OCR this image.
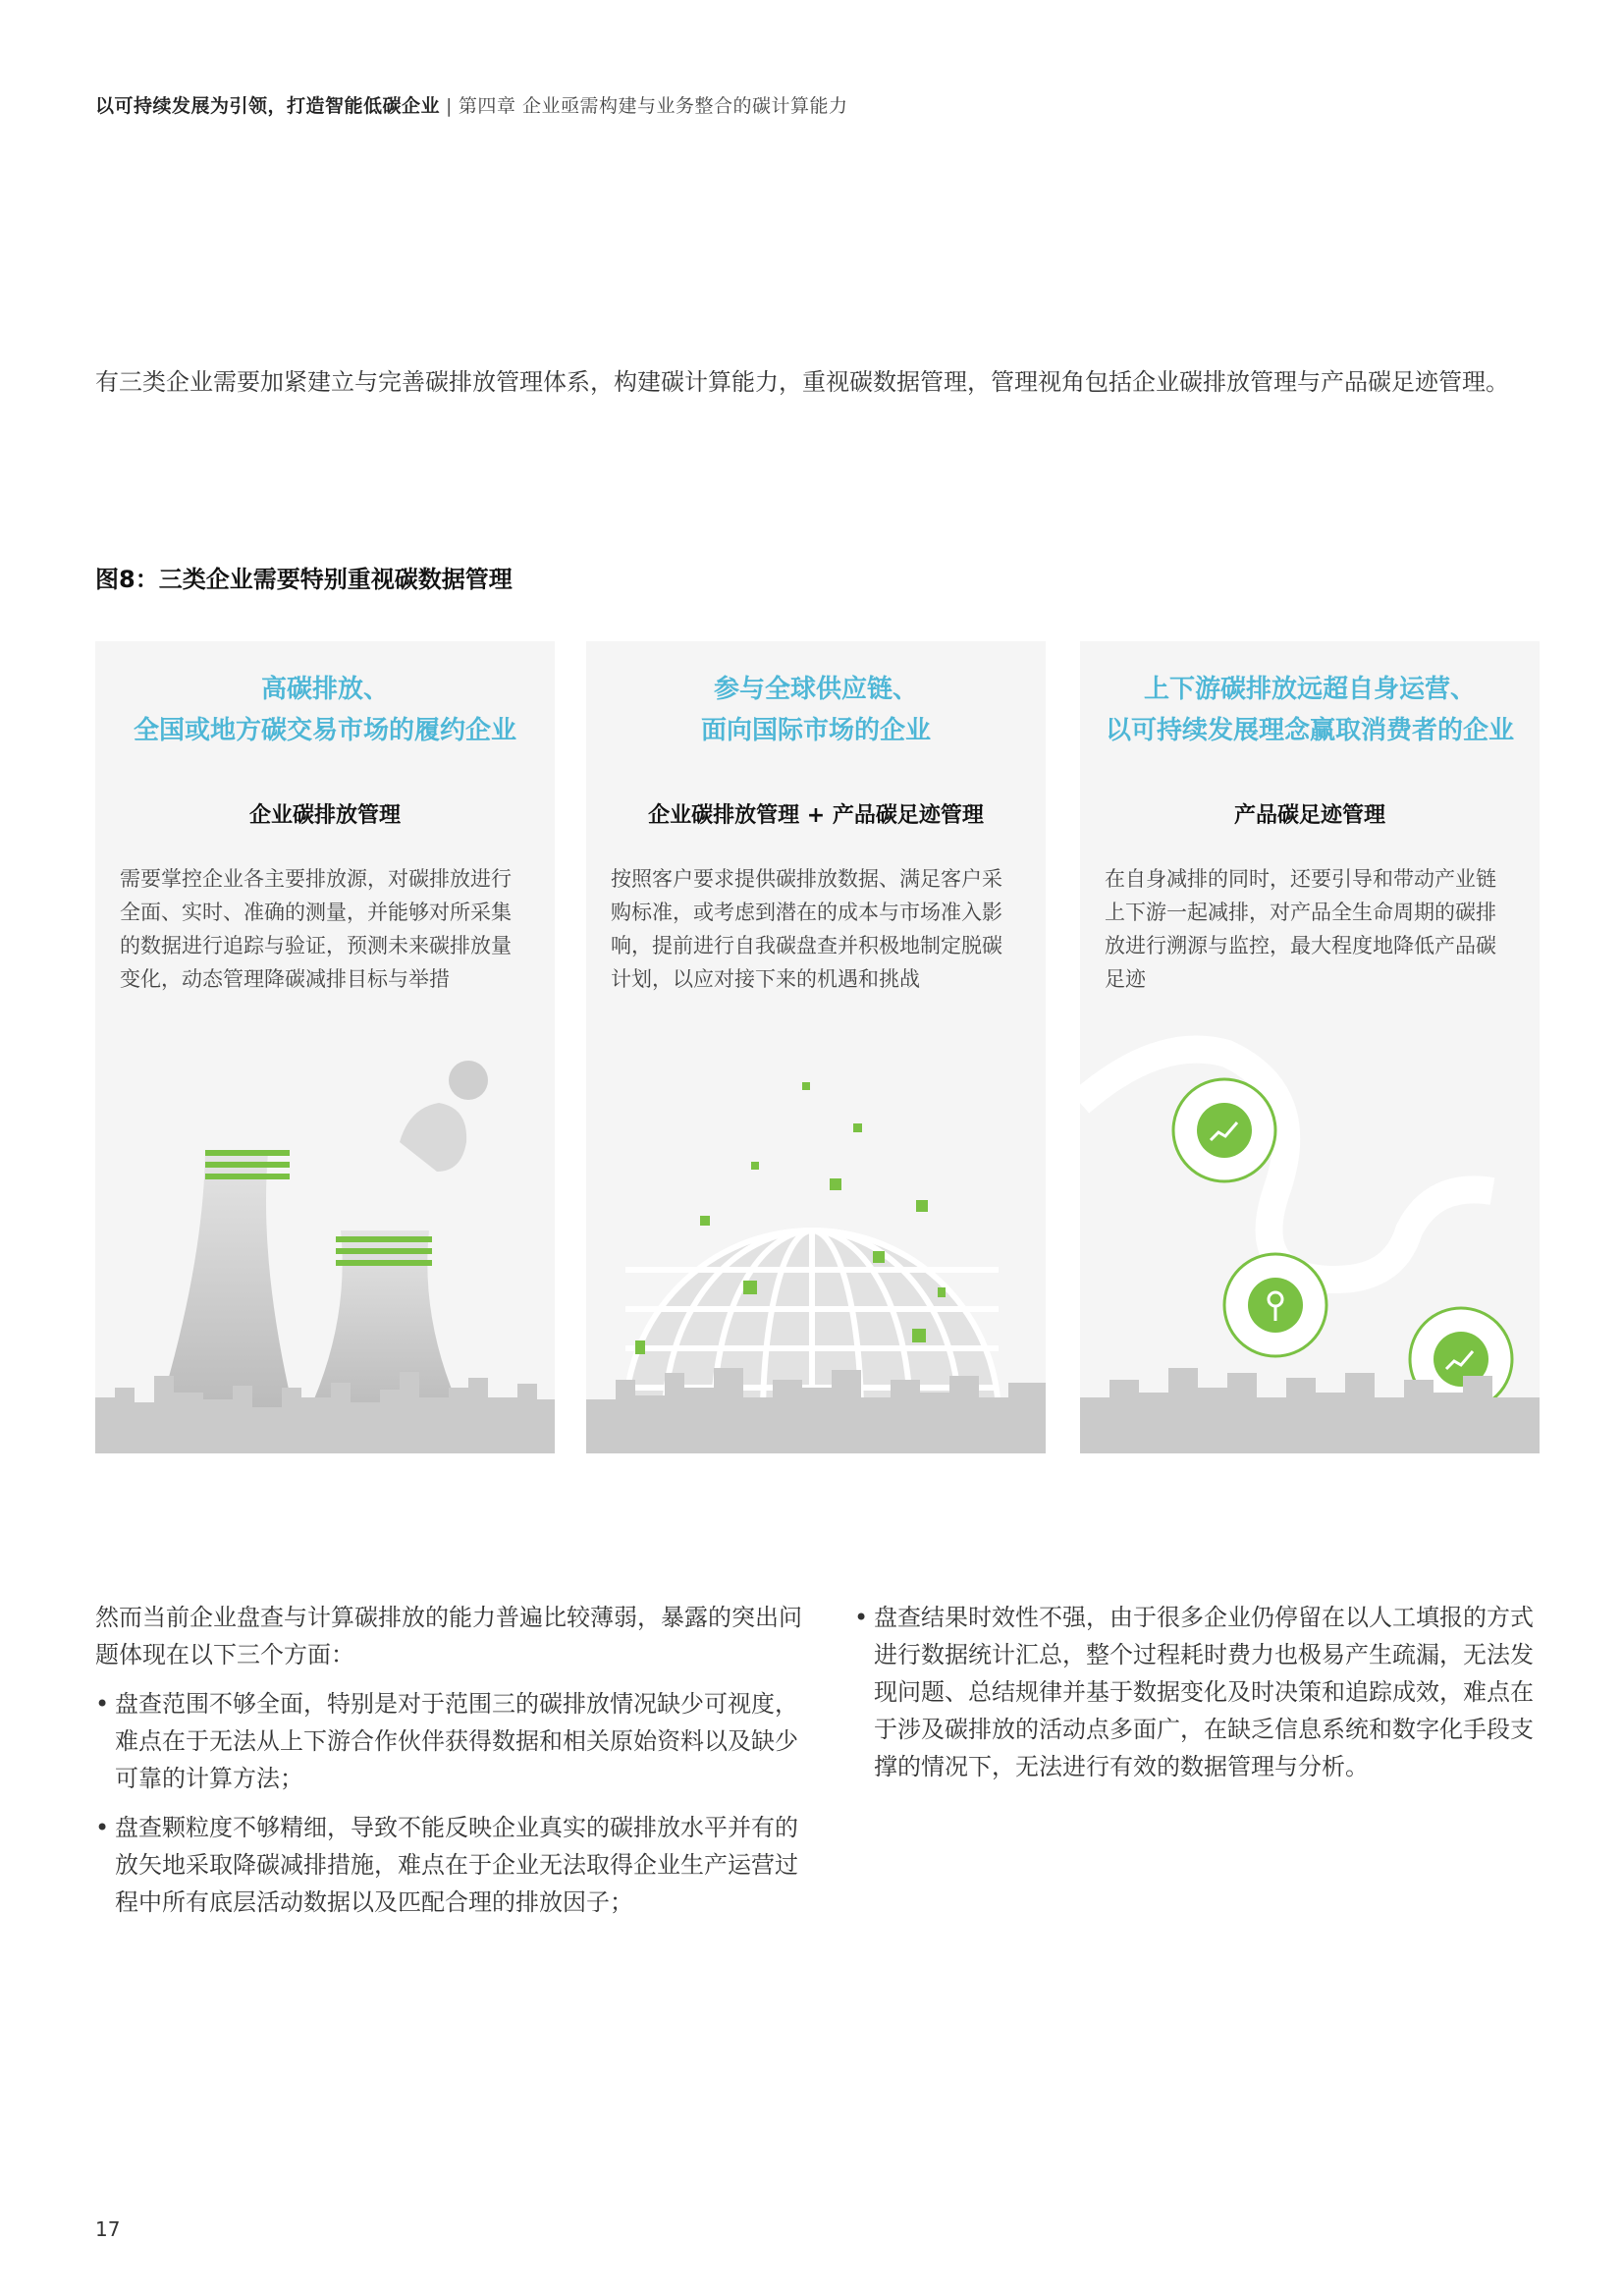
以可持续发展为引领，打造智能低碳企业 | 第四章 企业亟需构建与业务整合的碳计算能力
有三类企业需要加紧建立与完善碳排放管理体系，构建碳计算能力，重视碳数据管理，管理视角包括企业碳排放管理与产品碳足迹管理。
图8：三类企业需要特别重视碳数据管理
高碳排放、
全国或地方碳交易市场的履约企业
企业碳排放管理
需要掌控企业各主要排放源，对碳排放进行全面、实时、准确的测量，并能够对所采集的数据进行追踪与验证，预测未来碳排放量变化，动态管理降碳减排目标与举措
参与全球供应链、
面向国际市场的企业
企业碳排放管理 + 产品碳足迹管理
按照客户要求提供碳排放数据、满足客户采购标准，或考虑到潜在的成本与市场准入影响，提前进行自我碳盘查并积极地制定脱碳计划，以应对接下来的机遇和挑战
上下游碳排放远超自身运营、
以可持续发展理念赢取消费者的企业
产品碳足迹管理
在自身减排的同时，还要引导和带动产业链上下游一起减排，对产品全生命周期的碳排放进行溯源与监控，最大程度地降低产品碳足迹
然而当前企业盘查与计算碳排放的能力普遍比较薄弱，暴露的突出问题体现在以下三个方面：
• 盘查范围不够全面，特别是对于范围三的碳排放情况缺少可视度，难点在于无法从上下游合作伙伴获得数据和相关原始资料以及缺少可靠的计算方法；
• 盘查颗粒度不够精细，导致不能反映企业真实的碳排放水平并有的放矢地采取降碳减排措施，难点在于企业无法取得企业生产运营过程中所有底层活动数据以及匹配合理的排放因子；
• 盘查结果时效性不强，由于很多企业仍停留在以人工填报的方式进行数据统计汇总，整个过程耗时费力也极易产生疏漏，无法发现问题、总结规律并基于数据变化及时决策和追踪成效，难点在于涉及碳排放的活动点多面广，在缺乏信息系统和数字化手段支撑的情况下，无法进行有效的数据管理与分析。
17
